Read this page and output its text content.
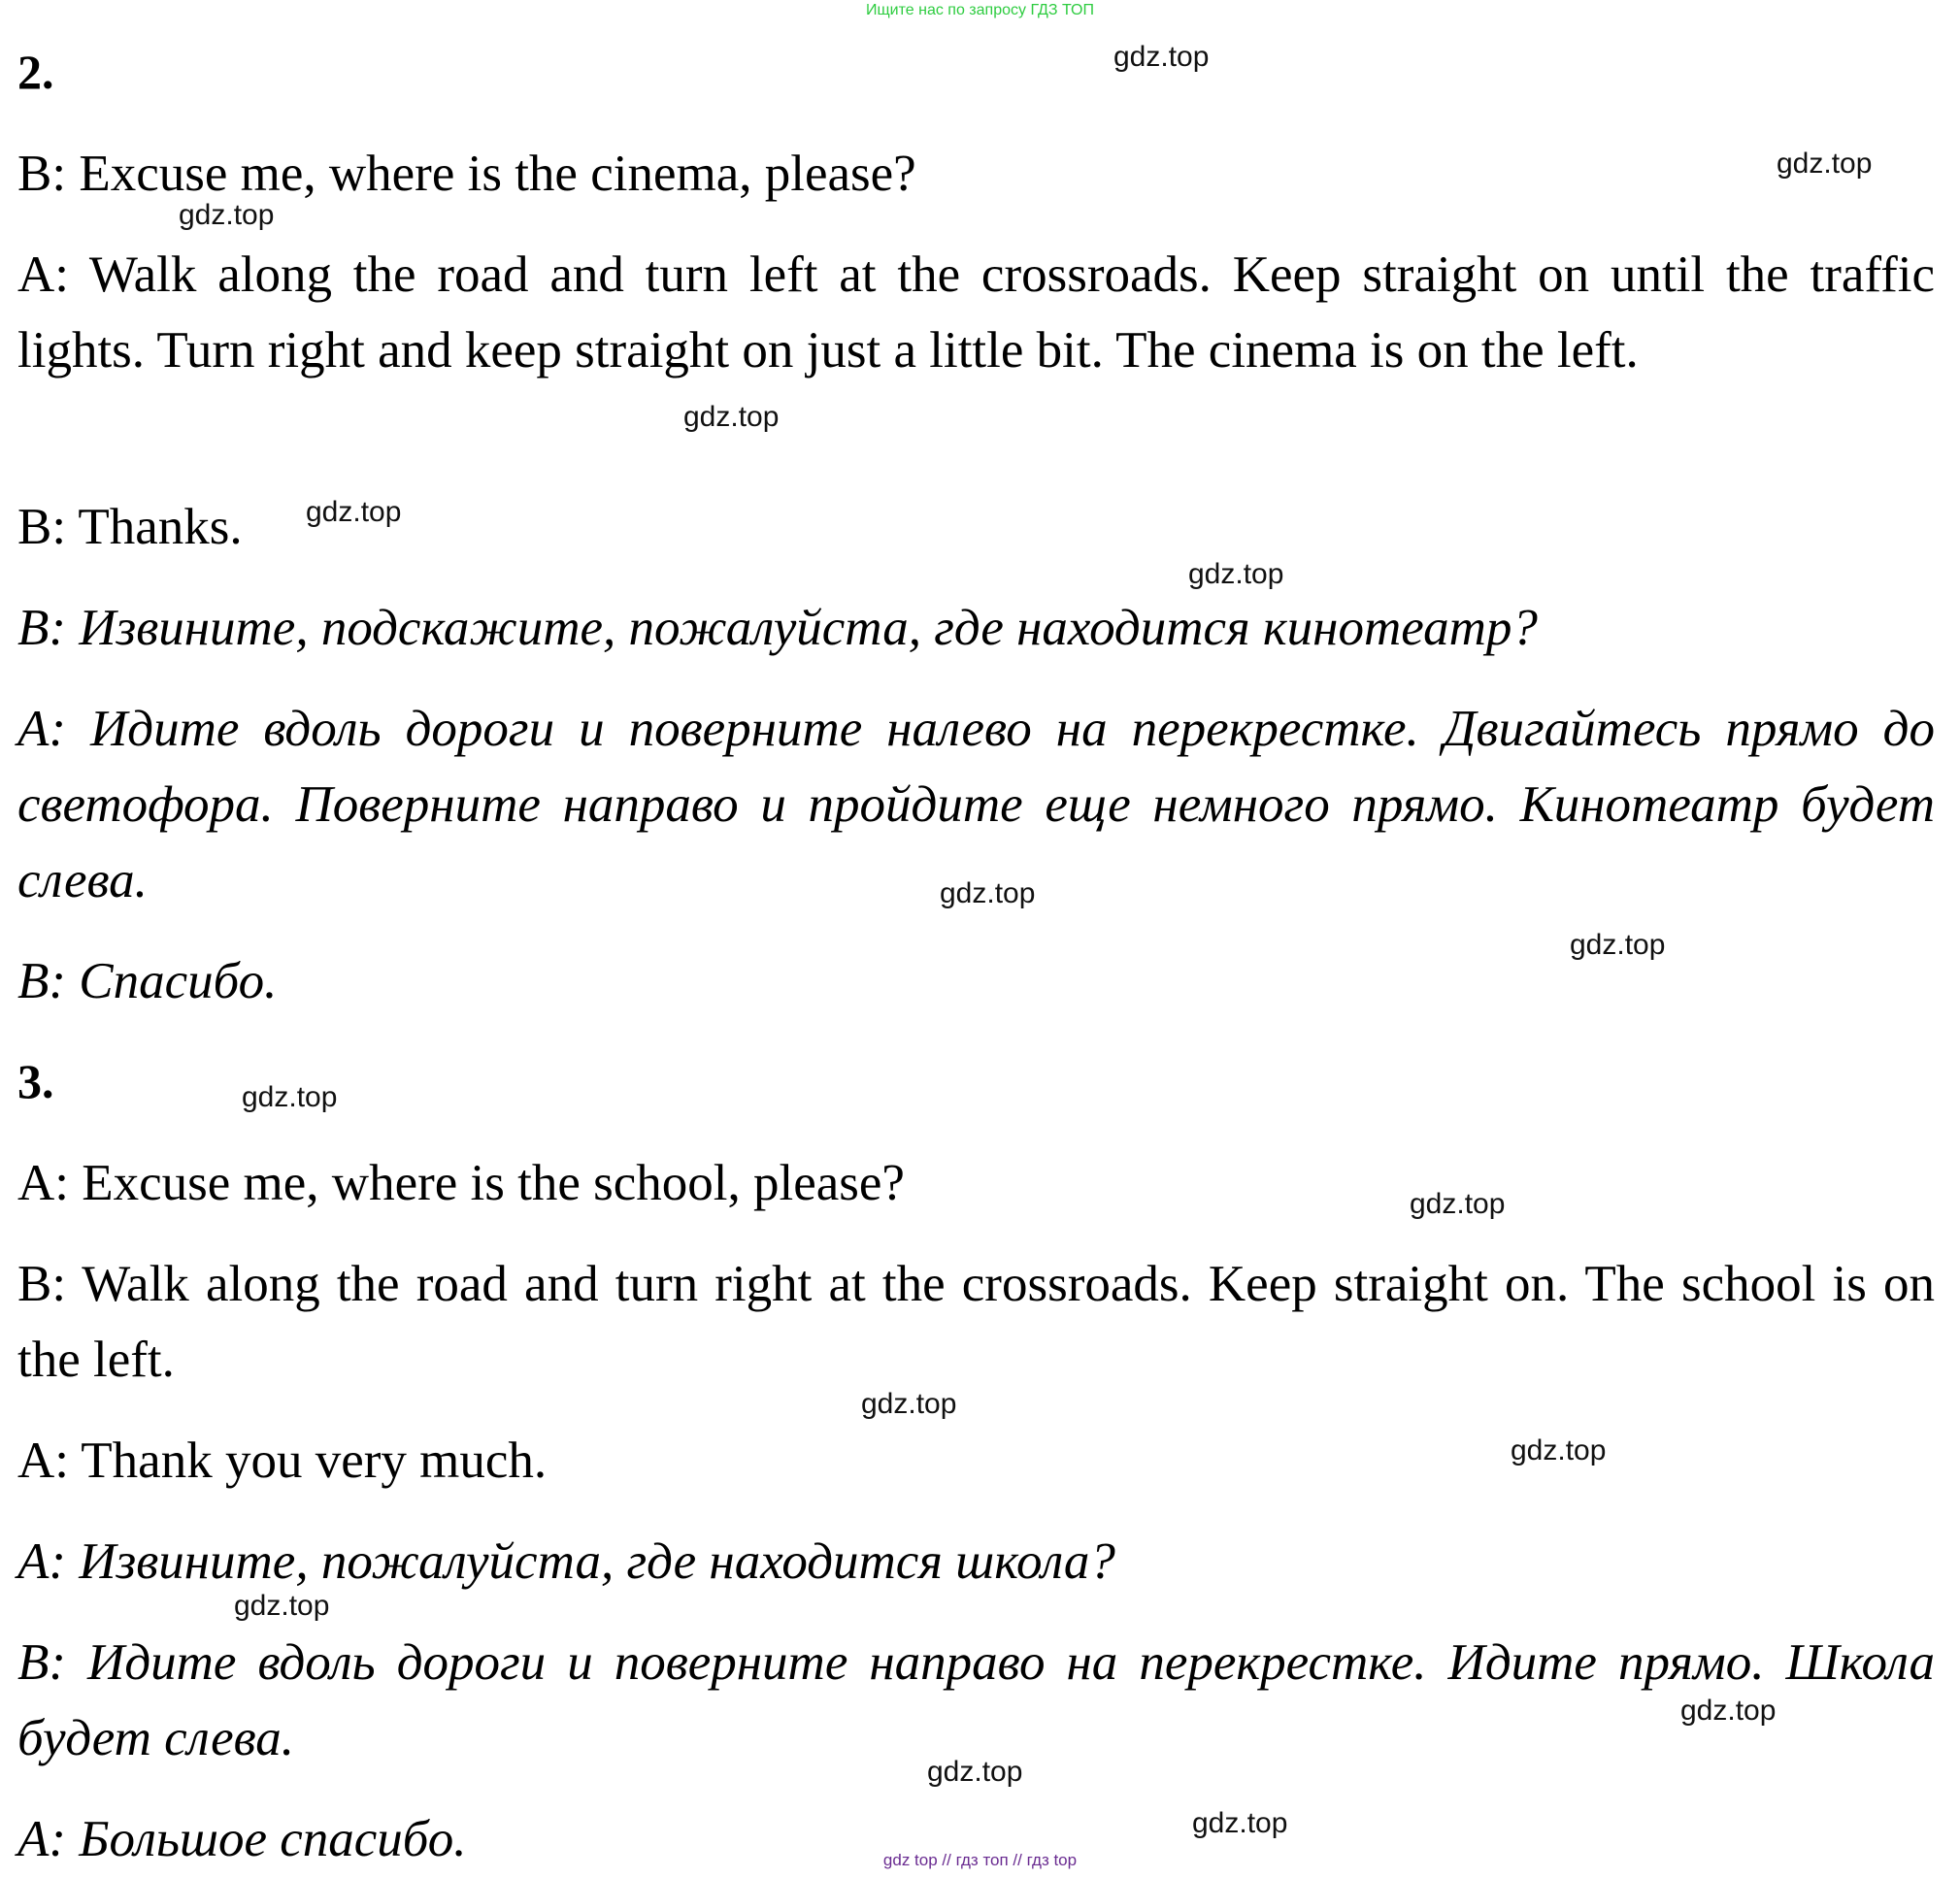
Ищите нас по запросу ГДЗ ТОП
2.

B: Excuse me, where is the cinema, please?

A: Walk along the road and turn left at the crossroads. Keep straight on until the traffic lights. Turn right and keep straight on just a little bit. The cinema is on the left.

B: Thanks.

B: Извините, подскажите, пожалуйста, где находится кинотеатр?

A: Идите вдоль дороги и поверните налево на перекрестке. Двигайтесь прямо до светофора. Поверните направо и пройдите еще немного прямо. Кинотеатр будет слева.

B: Спасибо.

3.

A: Excuse me, where is the school, please?

B: Walk along the road and turn right at the crossroads. Keep straight on. The school is on the left.

A: Thank you very much.

A: Извините, пожалуйста, где находится школа?

B: Идите вдоль дороги и поверните направо на перекрестке. Идите прямо. Школа будет слева.

A: Большое спасибо.

gdz.top
gdz.top
gdz.top
gdz.top
gdz.top
gdz.top
gdz.top
gdz.top
gdz.top
gdz.top
gdz.top
gdz.top
gdz.top
gdz.top
gdz.top
gdz.top
gdz top // гдз топ // гдз top
